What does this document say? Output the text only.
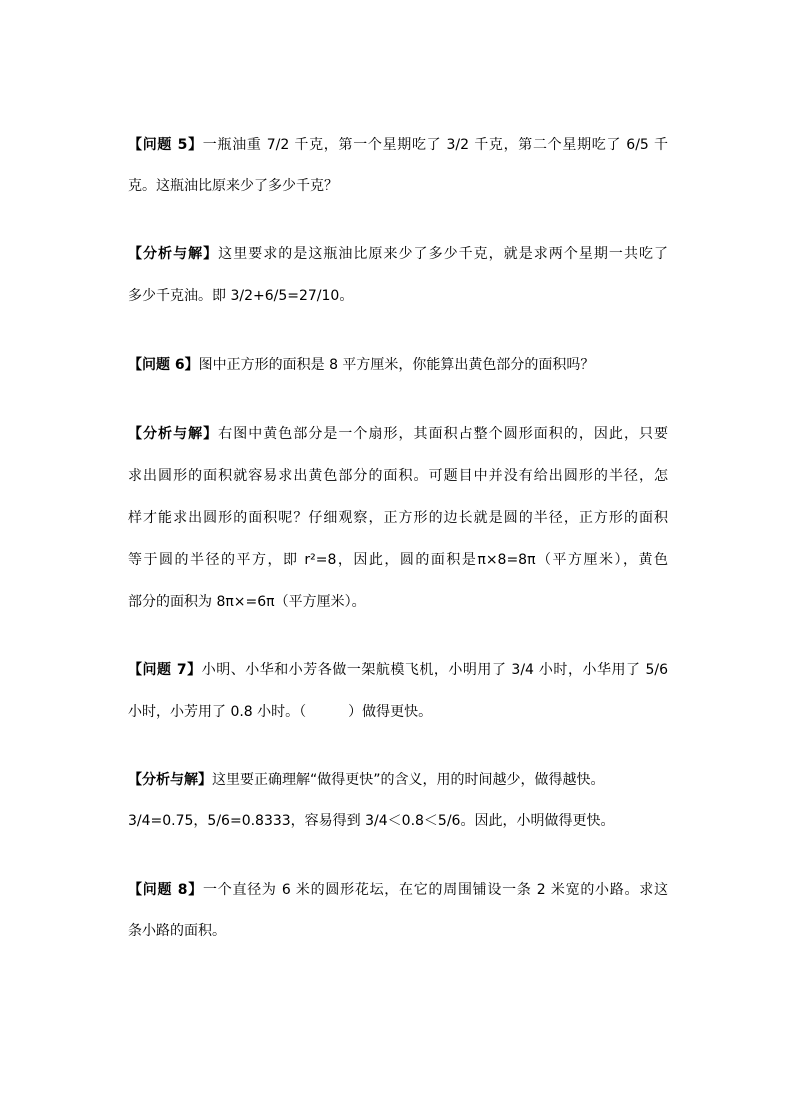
【问题 5】一瓶油重 7/2 千克，第一个星期吃了 3/2 千克，第二个星期吃了 6/5 千
克。这瓶油比原来少了多少千克？
【分析与解】这里要求的是这瓶油比原来少了多少千克，就是求两个星期一共吃了
多少千克油。即 3/2+6/5=27/10。
【问题 6】图中正方形的面积是 8 平方厘米，你能算出黄色部分的面积吗？
【分析与解】右图中黄色部分是一个扇形，其面积占整个圆形面积的，因此，只要
求出圆形的面积就容易求出黄色部分的面积。可题目中并没有给出圆形的半径，怎
样才能求出圆形的面积呢？仔细观察，正方形的边长就是圆的半径，正方形的面积
等于圆的半径的平方，即 r²=8，因此，圆的面积是π×8=8π（平方厘米），黄色
部分的面积为 8π×=6π（平方厘米）。
【问题 7】小明、小华和小芳各做一架航模飞机，小明用了 3/4 小时，小华用了 5/6
小时，小芳用了 0.8 小时。（　　　）做得更快。
【分析与解】这里要正确理解“做得更快”的含义，用的时间越少，做得越快。
3/4=0.75，5/6=0.8333，容易得到 3/4＜0.8＜5/6。因此，小明做得更快。
【问题 8】一个直径为 6 米的圆形花坛，在它的周围铺设一条 2 米宽的小路。求这
条小路的面积。
